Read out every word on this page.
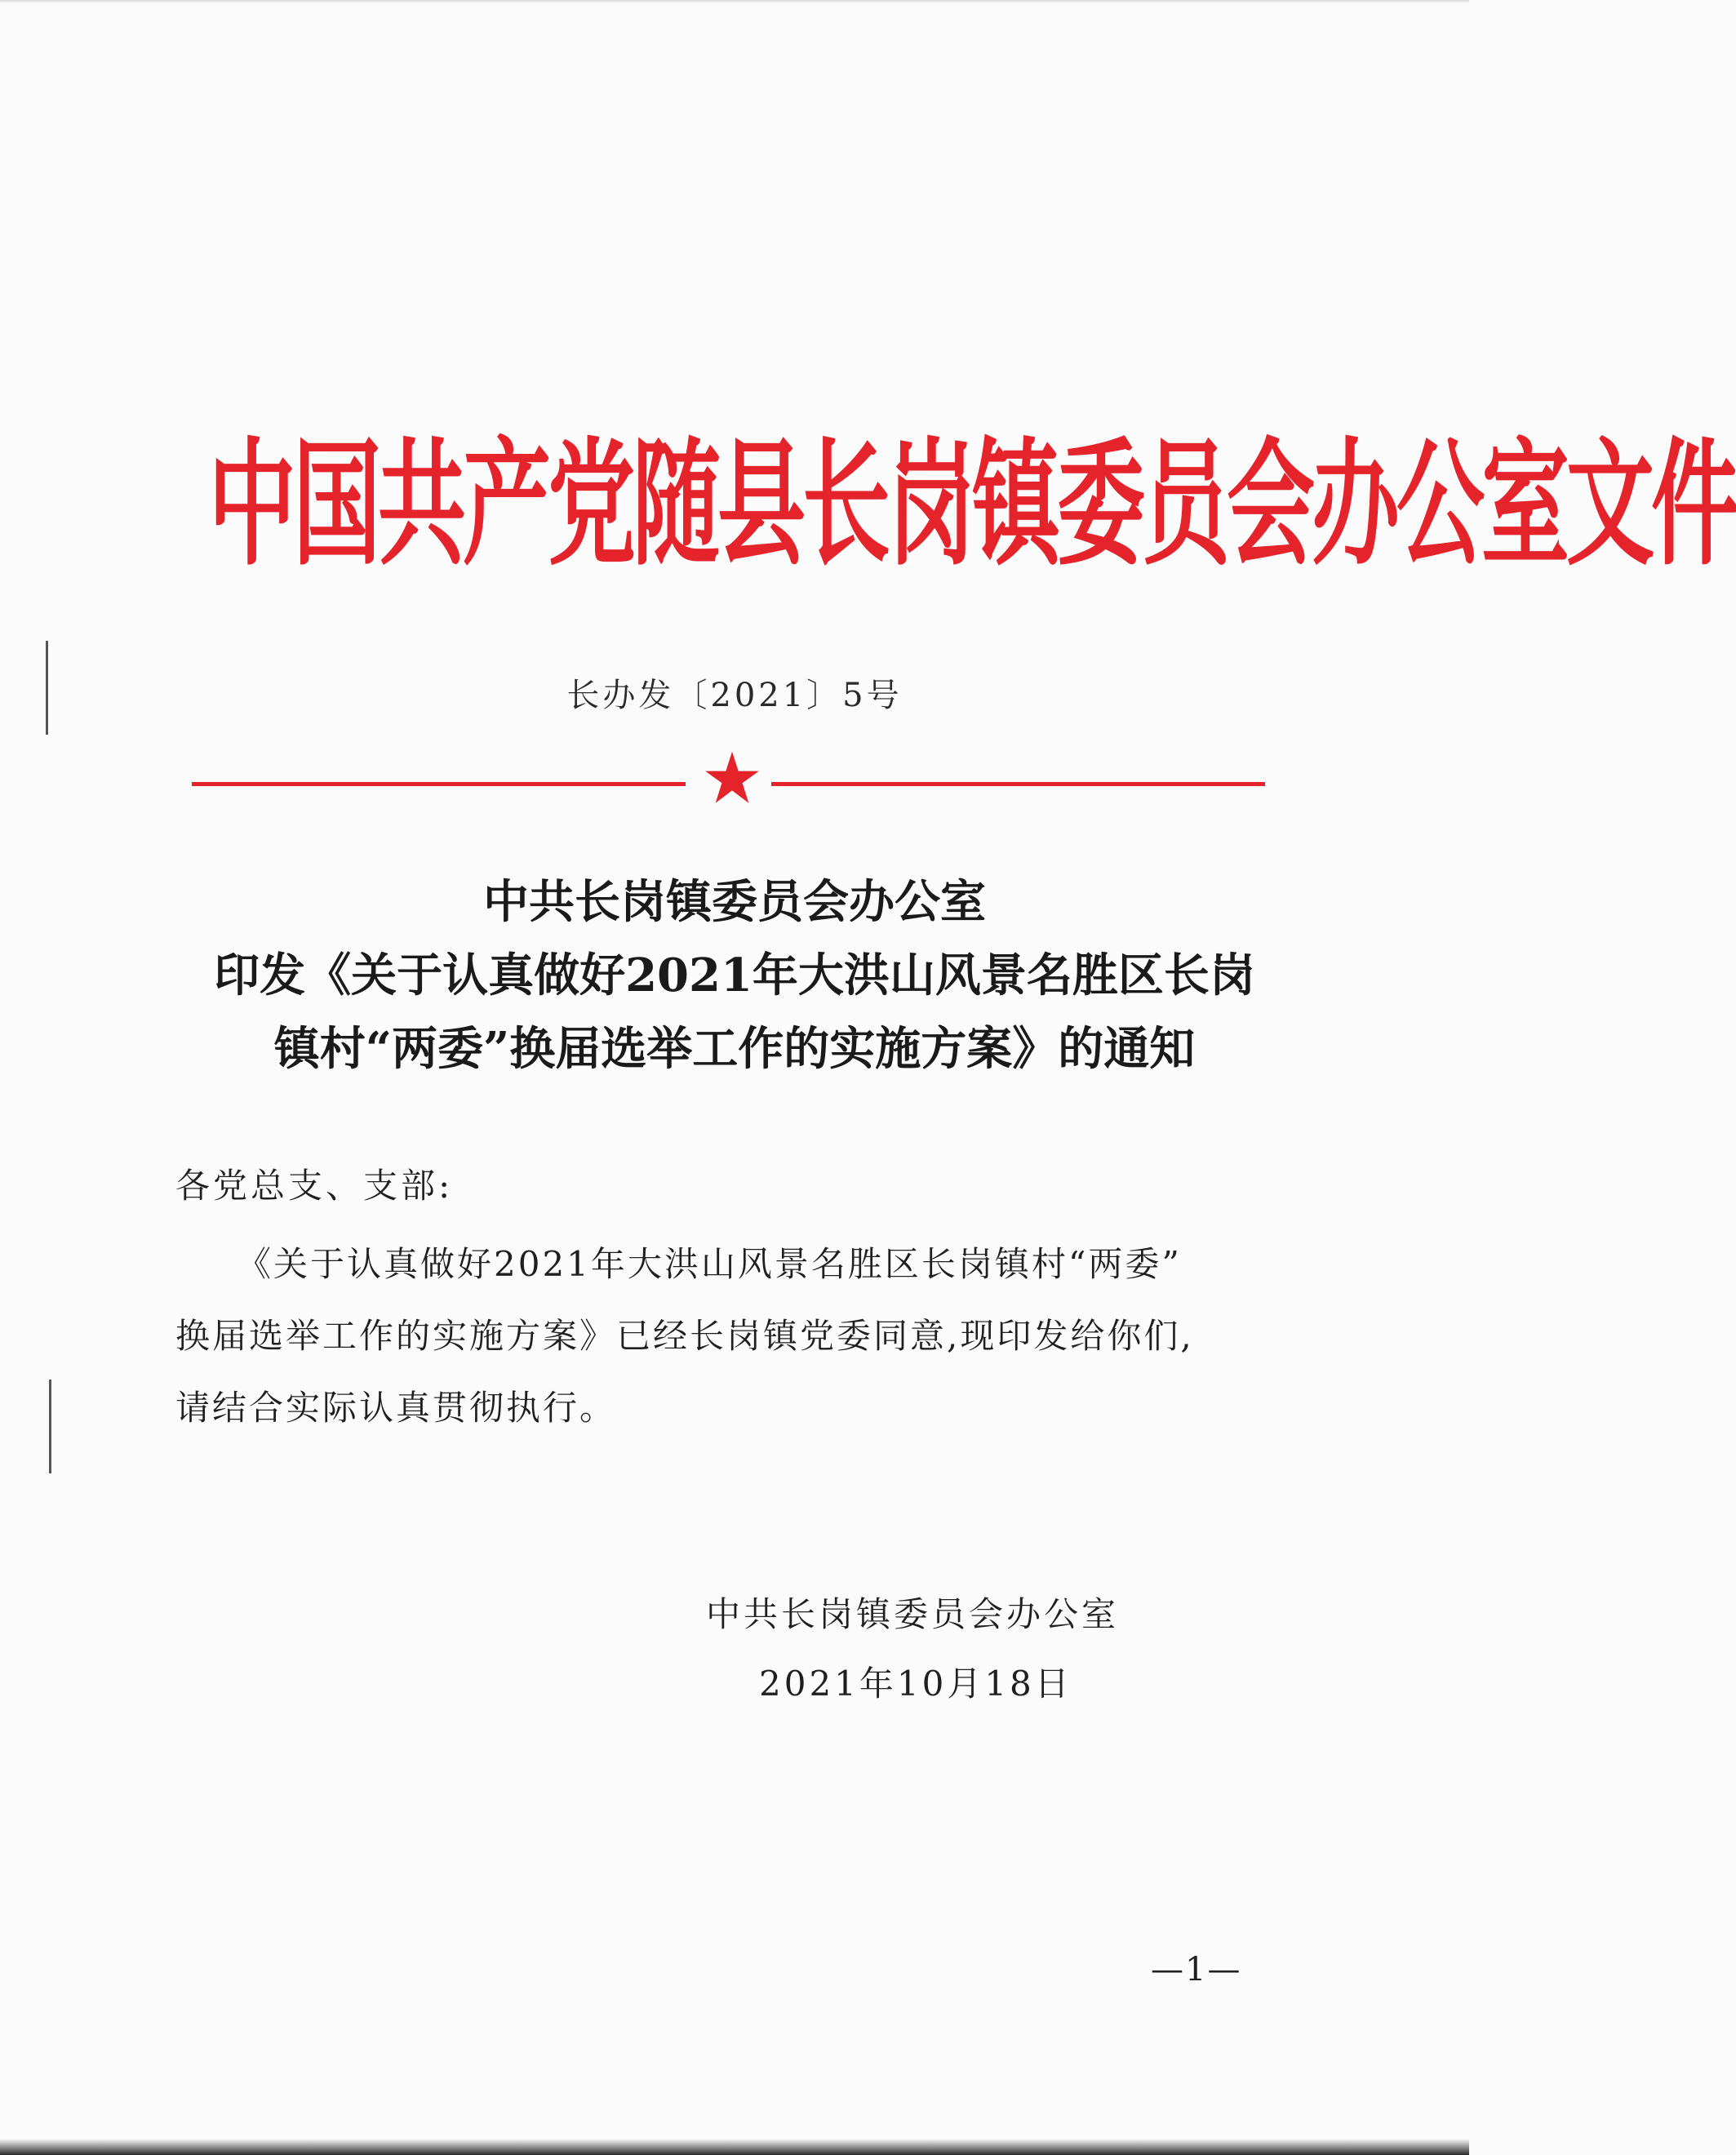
中国共产党随县长岗镇委员会办公室文件
长办发〔2021〕5号
中共长岗镇委员会办公室
印发《关于认真做好2021年大洪山风景名胜区长岗
镇村“两委”换届选举工作的实施方案》的通知
各党总支、支部:
《关于认真做好2021年大洪山风景名胜区长岗镇村“两委”
换届选举工作的实施方案》已经长岗镇党委同意,现印发给你们,
请结合实际认真贯彻执行。
中共长岗镇委员会办公室
2021年10月18日
—1—
